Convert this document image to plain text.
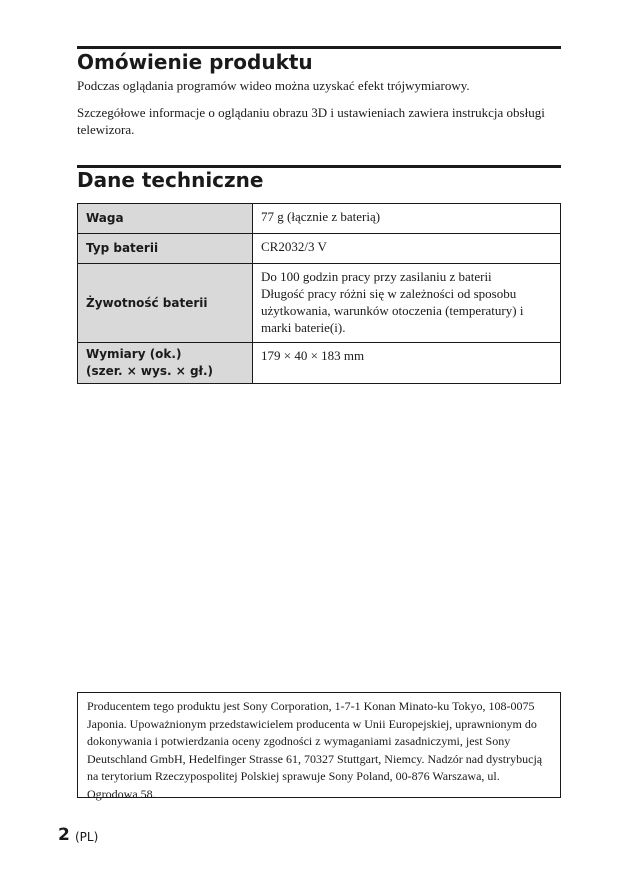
Omówienie produktu

Podczas oglądania programów wideo można uzyskać efekt trójwymiarowy.

Szczegółowe informacje o oglądaniu obrazu 3D i ustawieniach zawiera instrukcja obsługi telewizora.

Dane techniczne
Waga	77 g (łącznie z baterią)

Typ baterii	CR2032/3 V

Żywotność baterii	Do 100 godzin pracy przy zasilaniu z baterii
Długość pracy różni się w zależności od sposobu użytkowania, warunków otoczenia (temperatury) i marki baterie(i).

Wymiary (ok.)
(szer. × wys. × gł.)	179 × 40 × 183 mm
Producentem tego produktu jest Sony Corporation, 1-7-1 Konan Minato-ku Tokyo, 108-0075 Japonia. Upoważnionym przedstawicielem producenta w Unii Europejskiej, uprawnionym do dokonywania i potwierdzania oceny zgodności z wymaganiami zasadniczymi, jest Sony Deutschland GmbH, Hedelfinger Strasse 61, 70327 Stuttgart, Niemcy. Nadzór nad dystrybucją na terytorium Rzeczypospolitej Polskiej sprawuje Sony Poland, 00-876 Warszawa, ul. Ogrodowa 58.
2 (PL)
